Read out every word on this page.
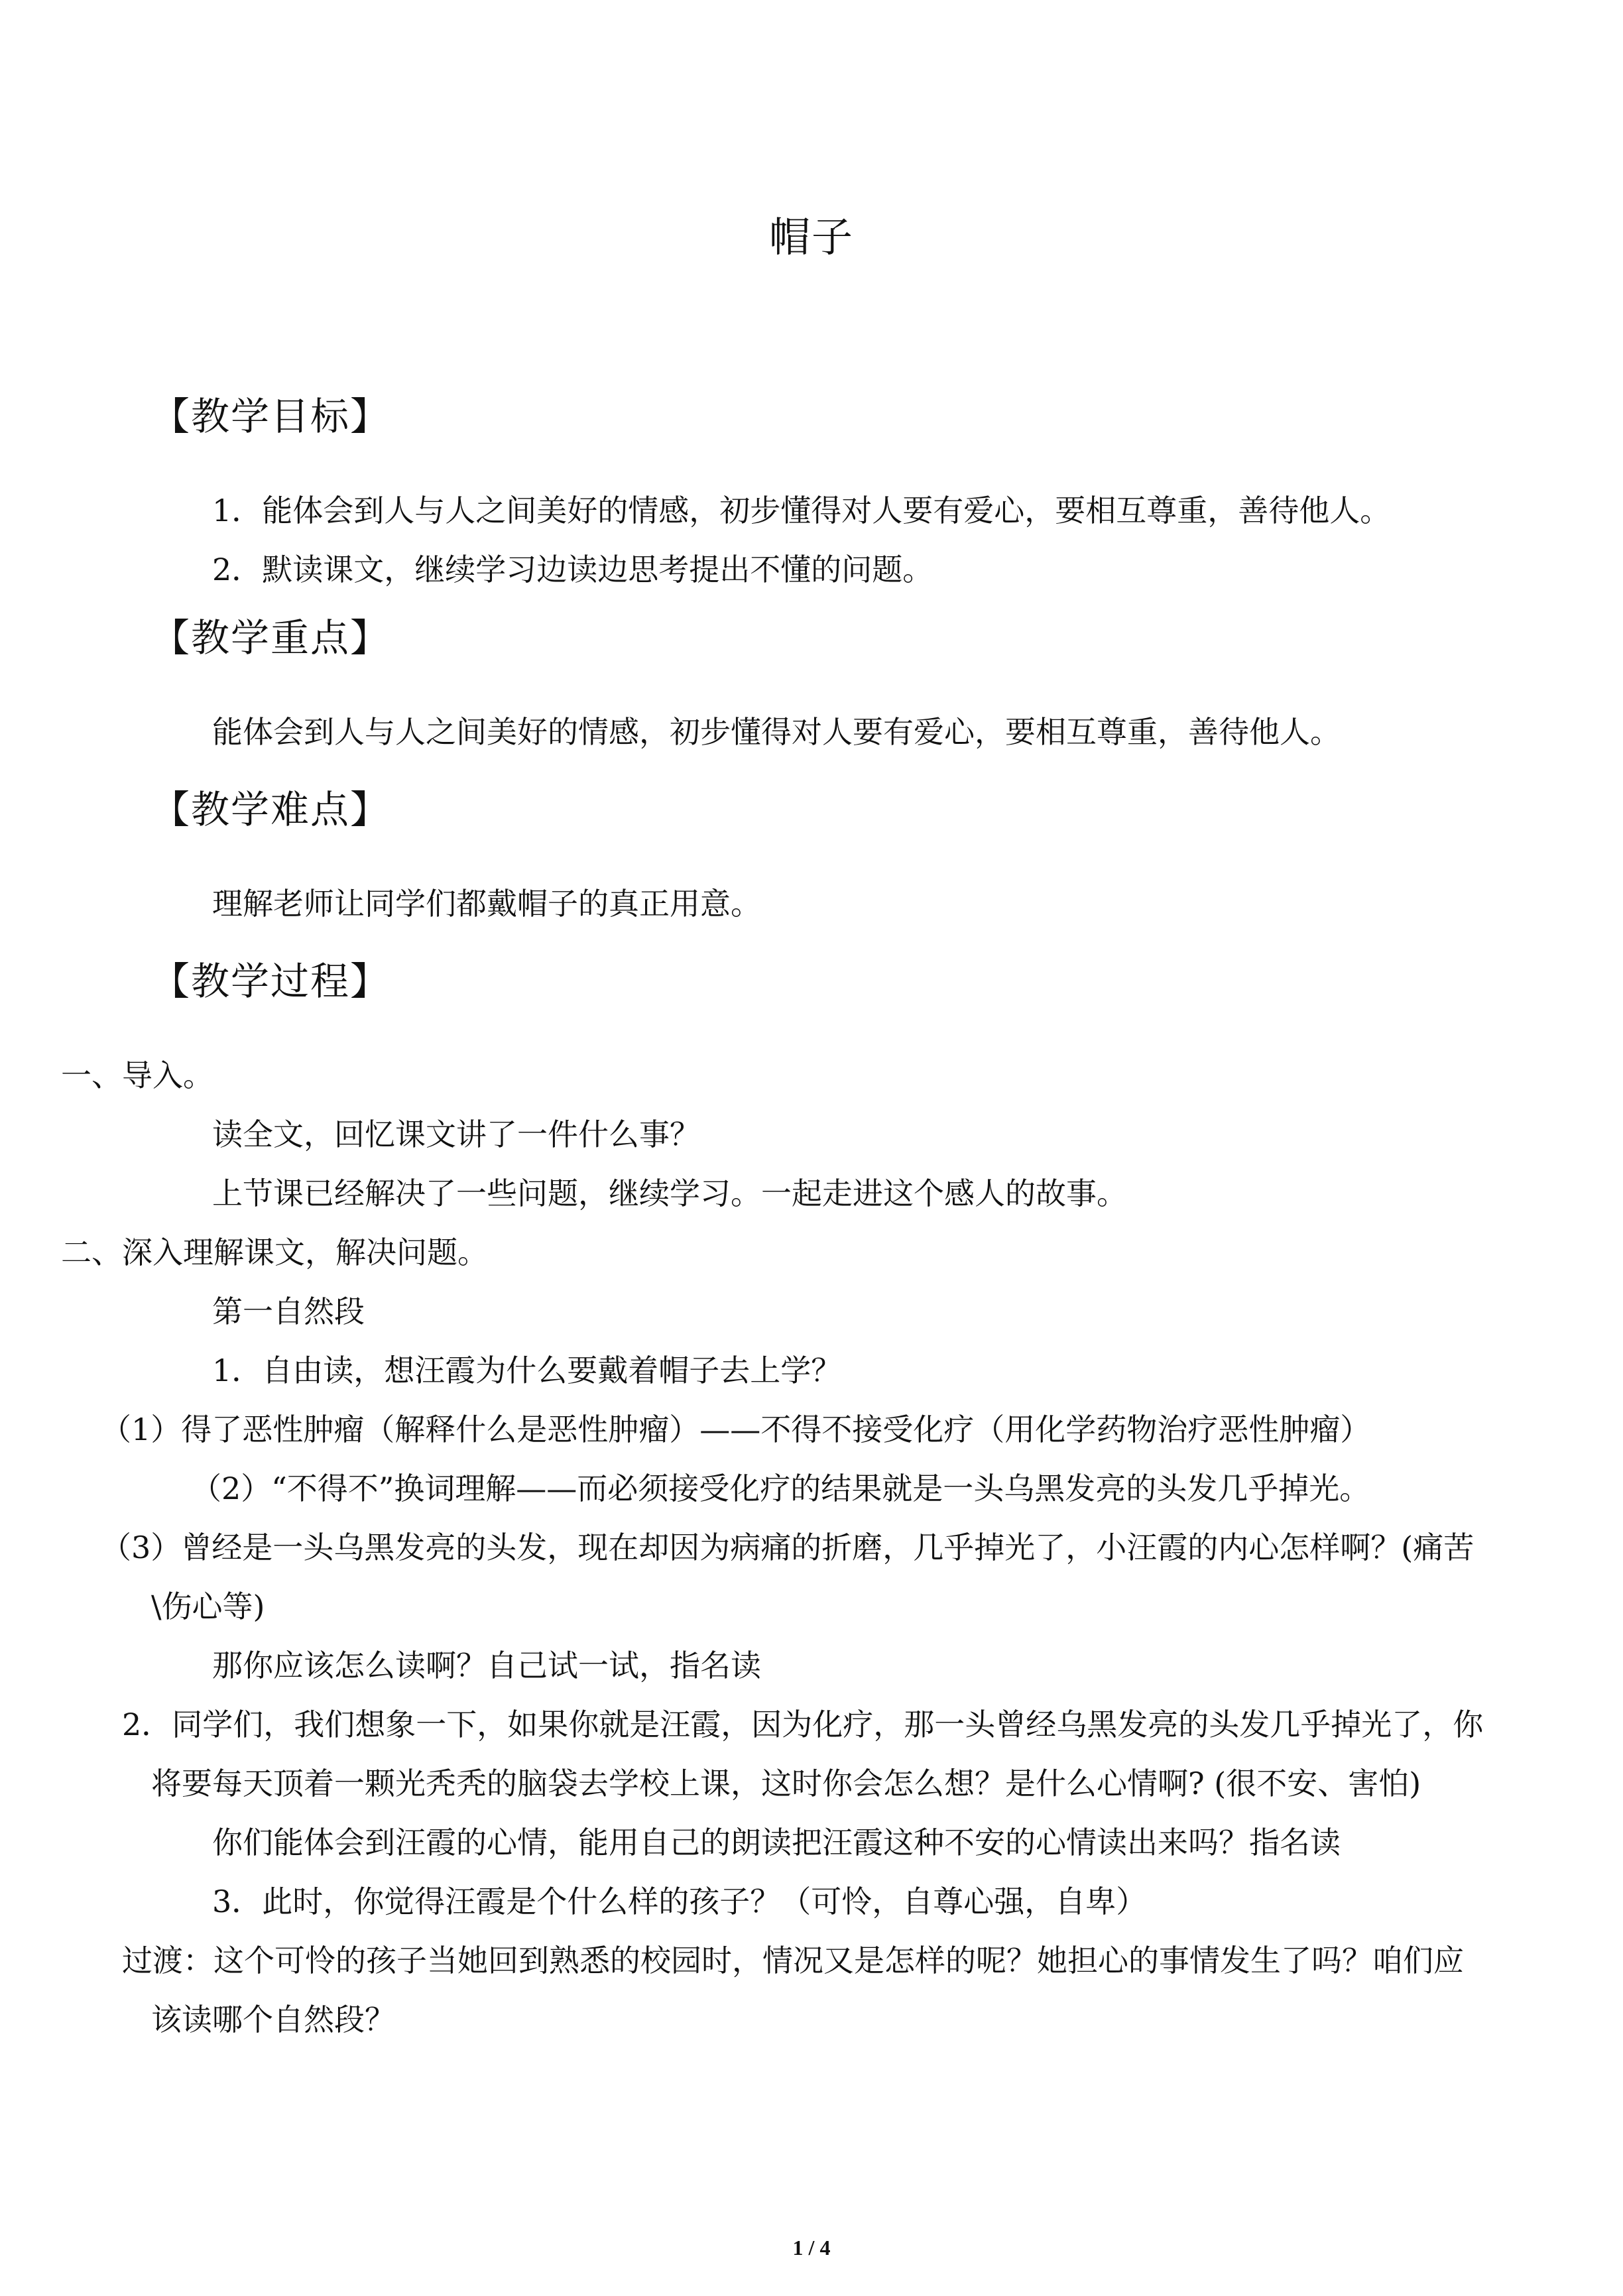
帽子
【教学目标】

1．能体会到人与人之间美好的情感，初步懂得对人要有爱心，要相互尊重，善待他人。

2．默读课文，继续学习边读边思考提出不懂的问题。

【教学重点】

能体会到人与人之间美好的情感，初步懂得对人要有爱心，要相互尊重，善待他人。

【教学难点】

理解老师让同学们都戴帽子的真正用意。

【教学过程】

一、导入。

读全文，回忆课文讲了一件什么事？

上节课已经解决了一些问题，继续学习。一起走进这个感人的故事。

二、深入理解课文，解决问题。

第一自然段

1．自由读，想汪霞为什么要戴着帽子去上学？

（1）得了恶性肿瘤（解释什么是恶性肿瘤）——不得不接受化疗（用化学药物治疗恶性肿瘤）

（2）“不得不”换词理解——而必须接受化疗的结果就是一头乌黑发亮的头发几乎掉光。

（3）曾经是一头乌黑发亮的头发，现在却因为病痛的折磨，几乎掉光了，小汪霞的内心怎样啊？(痛苦\伤心等)

那你应该怎么读啊？自己试一试，指名读

2．同学们，我们想象一下，如果你就是汪霞，因为化疗，那一头曾经乌黑发亮的头发几乎掉光了，你将要每天顶着一颗光秃秃的脑袋去学校上课，这时你会怎么想？是什么心情啊? (很不安、害怕)

你们能体会到汪霞的心情，能用自己的朗读把汪霞这种不安的心情读出来吗？指名读

3．此时，你觉得汪霞是个什么样的孩子？（可怜，自尊心强，自卑）

过渡：这个可怜的孩子当她回到熟悉的校园时，情况又是怎样的呢？她担心的事情发生了吗？咱们应该读哪个自然段？

1 / 4
